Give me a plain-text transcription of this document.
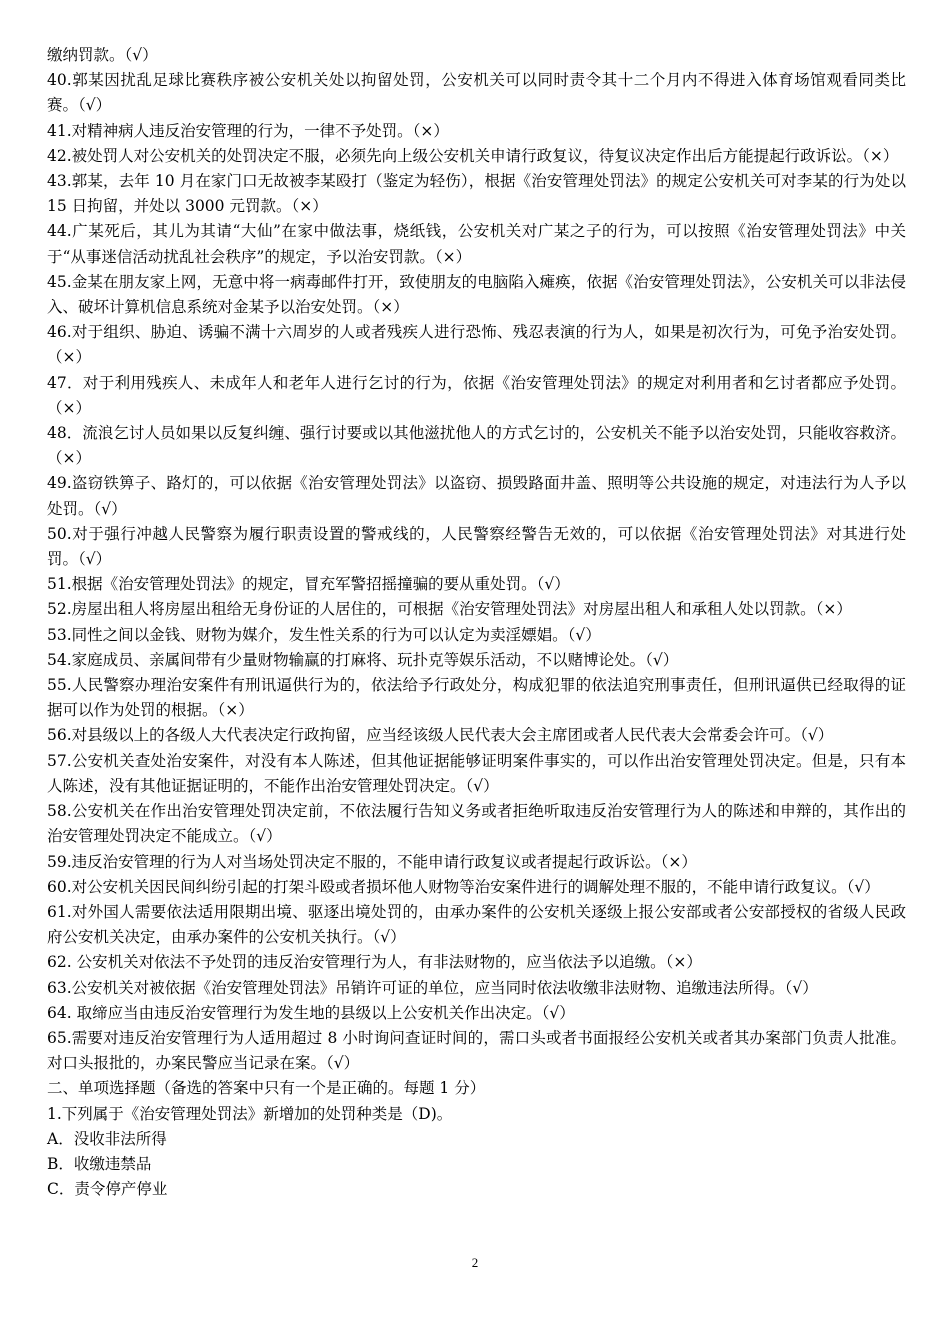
缴纳罚款。（√）

40.郭某因扰乱足球比赛秩序被公安机关处以拘留处罚，公安机关可以同时责令其十二个月内不得进入体育场馆观看同类比赛。（√）

41.对精神病人违反治安管理的行为，一律不予处罚。（×）

42.被处罚人对公安机关的处罚决定不服，必须先向上级公安机关申请行政复议，待复议决定作出后方能提起行政诉讼。（×）

43.郭某，去年 10 月在家门口无故被李某殴打（鉴定为轻伤），根据《治安管理处罚法》的规定公安机关可对李某的行为处以 15 日拘留，并处以 3000 元罚款。（×）

44.广某死后，其儿为其请“大仙”在家中做法事，烧纸钱，公安机关对广某之子的行为，可以按照《治安管理处罚法》中关于“从事迷信活动扰乱社会秩序”的规定，予以治安罚款。（×）

45.金某在朋友家上网，无意中将一病毒邮件打开，致使朋友的电脑陷入瘫痪，依据《治安管理处罚法》，公安机关可以非法侵入、破坏计算机信息系统对金某予以治安处罚。（×）

46.对于组织、胁迫、诱骗不满十六周岁的人或者残疾人进行恐怖、残忍表演的行为人，如果是初次行为，可免予治安处罚。（×）

47．对于利用残疾人、未成年人和老年人进行乞讨的行为，依据《治安管理处罚法》的规定对利用者和乞讨者都应予处罚。（×）

48．流浪乞讨人员如果以反复纠缠、强行讨要或以其他滋扰他人的方式乞讨的，公安机关不能予以治安处罚，只能收容救济。（×）

49.盗窃铁箅子、路灯的，可以依据《治安管理处罚法》以盗窃、损毁路面井盖、照明等公共设施的规定，对违法行为人予以处罚。（√）

50.对于强行冲越人民警察为履行职责设置的警戒线的，人民警察经警告无效的，可以依据《治安管理处罚法》对其进行处罚。（√）

51.根据《治安管理处罚法》的规定，冒充军警招摇撞骗的要从重处罚。（√）

52.房屋出租人将房屋出租给无身份证的人居住的，可根据《治安管理处罚法》对房屋出租人和承租人处以罚款。（×）

53.同性之间以金钱、财物为媒介，发生性关系的行为可以认定为卖淫嫖娼。（√）

54.家庭成员、亲属间带有少量财物输赢的打麻将、玩扑克等娱乐活动，不以赌博论处。（√）

55.人民警察办理治安案件有刑讯逼供行为的，依法给予行政处分，构成犯罪的依法追究刑事责任，但刑讯逼供已经取得的证据可以作为处罚的根据。（×）

56.对县级以上的各级人大代表决定行政拘留，应当经该级人民代表大会主席团或者人民代表大会常委会许可。（√）

57.公安机关查处治安案件，对没有本人陈述，但其他证据能够证明案件事实的，可以作出治安管理处罚决定。但是，只有本人陈述，没有其他证据证明的，不能作出治安管理处罚决定。（√）

58.公安机关在作出治安管理处罚决定前，不依法履行告知义务或者拒绝听取违反治安管理行为人的陈述和申辩的，其作出的治安管理处罚决定不能成立。（√）

59.违反治安管理的行为人对当场处罚决定不服的，不能申请行政复议或者提起行政诉讼。（×）

60.对公安机关因民间纠纷引起的打架斗殴或者损坏他人财物等治安案件进行的调解处理不服的，不能申请行政复议。（√）

61.对外国人需要依法适用限期出境、驱逐出境处罚的，由承办案件的公安机关逐级上报公安部或者公安部授权的省级人民政府公安机关决定，由承办案件的公安机关执行。（√）

62. 公安机关对依法不予处罚的违反治安管理行为人，有非法财物的，应当依法予以追缴。（×）

63.公安机关对被依据《治安管理处罚法》吊销许可证的单位，应当同时依法收缴非法财物、追缴违法所得。（√）

64. 取缔应当由违反治安管理行为发生地的县级以上公安机关作出决定。（√）

65.需要对违反治安管理行为人适用超过 8 小时询问查证时间的，需口头或者书面报经公安机关或者其办案部门负责人批准。对口头报批的，办案民警应当记录在案。（√）

二、单项选择题（备选的答案中只有一个是正确的。每题 1 分）

1.下列属于《治安管理处罚法》新增加的处罚种类是（D)。

A．没收非法所得

B．收缴违禁品

C．责令停产停业

2
